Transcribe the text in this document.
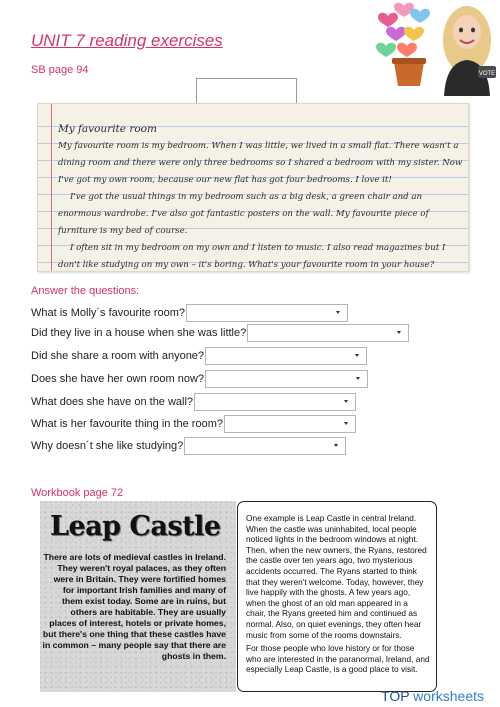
UNIT 7 reading exercises
SB page 94	VOTE

My favourite room

My favourite room is my bedroom. When I was little, we lived in a small flat. There wasn't a dining room and there were only three bedrooms so I shared a bedroom with my sister. Now I've got my own room, because our new flat has got four bedrooms. I love it!

I've got the usual things in my bedroom such as a big desk, a green chair and an enormous wardrobe. I've also got fantastic posters on the wall. My favourite piece of furniture is my bed of course.

I often sit in my bedroom on my own and I listen to music. I also read magazines but I don't like studying on my own – it's boring. What's your favourite room in your house?

Answer the questions:
What is Molly´s favourite room?
Did they live in a house when she was little?
Did she share a room with anyone?
Does she have her own room now?
What does she have on the wall?
What is her favourite thing in the room?
Why doesn´t she like studying?
Workbook page 72
Leap Castle

There are lots of medieval castles in Ireland. They weren't royal palaces, as they often were in Britain. They were fortified homes for important Irish families and many of them exist today. Some are in ruins, but others are habitable. They are usually places of interest, hotels or private homes, but there's one thing that these castles have in common – many people say that there are ghosts in them.

One example is Leap Castle in central Ireland. When the castle was uninhabited, local people noticed lights in the bedroom windows at night. Then, when the new owners, the Ryans, restored the castle over ten years ago, two mysterious accidents occurred. The Ryans started to think that they weren't welcome. Today, however, they live happily with the ghosts. A few years ago, when the ghost of an old man appeared in a chair, the Ryans greeted him and continued as normal. Also, on quiet evenings, they often hear music from some of the rooms downstairs.

For those people who love history or for those who are interested in the paranormal, Ireland, and especially Leap Castle, is a good place to visit.

TOP worksheets
